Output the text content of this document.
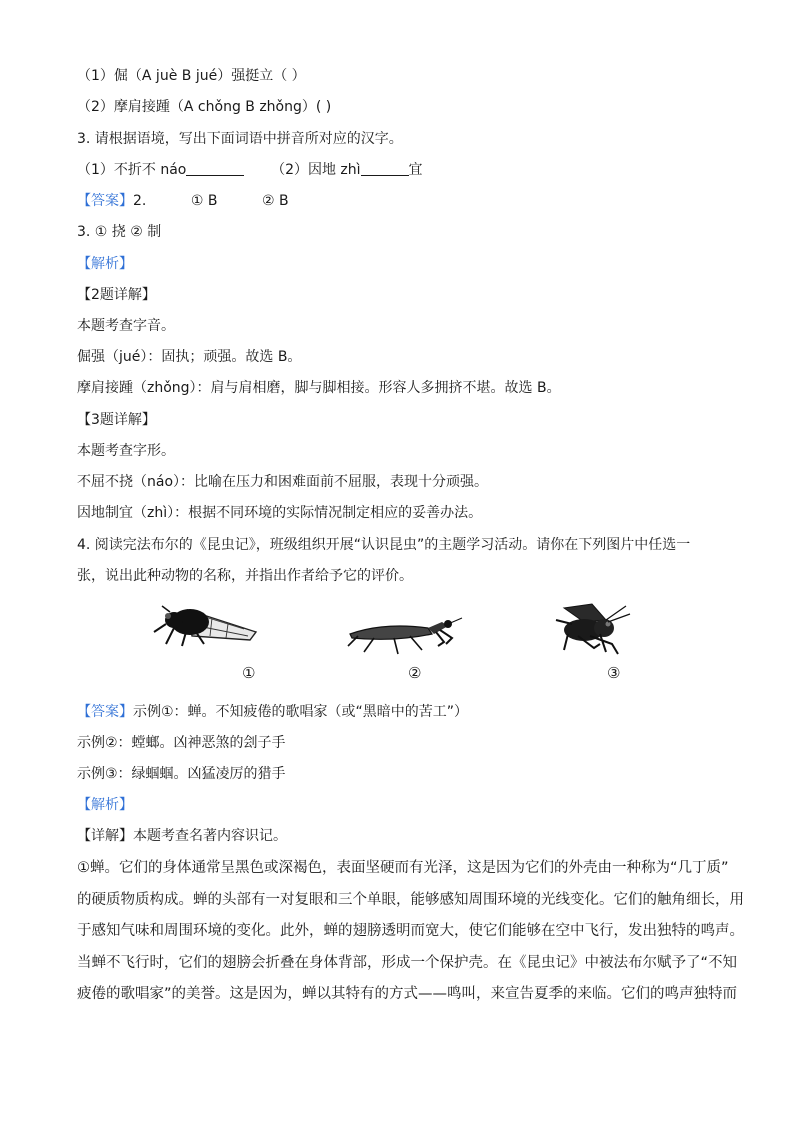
（1）倔（A juè B jué）强挺立（ ）
（2）摩肩接踵（A chǒng B zhǒng）( )
3. 请根据语境，写出下面词语中拼音所对应的汉字。
（1）不折不 náo	（2）因地 zhì	宜
【答案】2.          ① B          ② B
3. ① 挠 ② 制
【解析】
【2题详解】
本题考查字音。
倔强（jué）：固执；顽强。故选 B。
摩肩接踵（zhǒng）：肩与肩相磨，脚与脚相接。形容人多拥挤不堪。故选 B。
【3题详解】
本题考查字形。
不屈不挠（náo）：比喻在压力和困难面前不屈服，表现十分顽强。
因地制宜（zhì）：根据不同环境的实际情况制定相应的妥善办法。
4. 阅读完法布尔的《昆虫记》，班级组织开展“认识昆虫”的主题学习活动。请你在下列图片中任选一
张，说出此种动物的名称，并指出作者给予它的评价。
①	②	③
【答案】示例①：蝉。不知疲倦的歌唱家（或“黑暗中的苦工”）
示例②：螳螂。凶神恶煞的刽子手
示例③：绿蝈蝈。凶猛凌厉的猎手
【解析】
【详解】本题考查名著内容识记。

①蝉。它们的身体通常呈黑色或深褐色，表面坚硬而有光泽，这是因为它们的外壳由一种称为“几丁质”

的硬质物质构成。蝉的头部有一对复眼和三个单眼，能够感知周围环境的光线变化。它们的触角细长，用

于感知气味和周围环境的变化。此外，蝉的翅膀透明而宽大，使它们能够在空中飞行，发出独特的鸣声。

当蝉不飞行时，它们的翅膀会折叠在身体背部，形成一个保护壳。在《昆虫记》中被法布尔赋予了“不知

疲倦的歌唱家”的美誉。这是因为，蝉以其特有的方式——鸣叫，来宣告夏季的来临。它们的鸣声独特而
